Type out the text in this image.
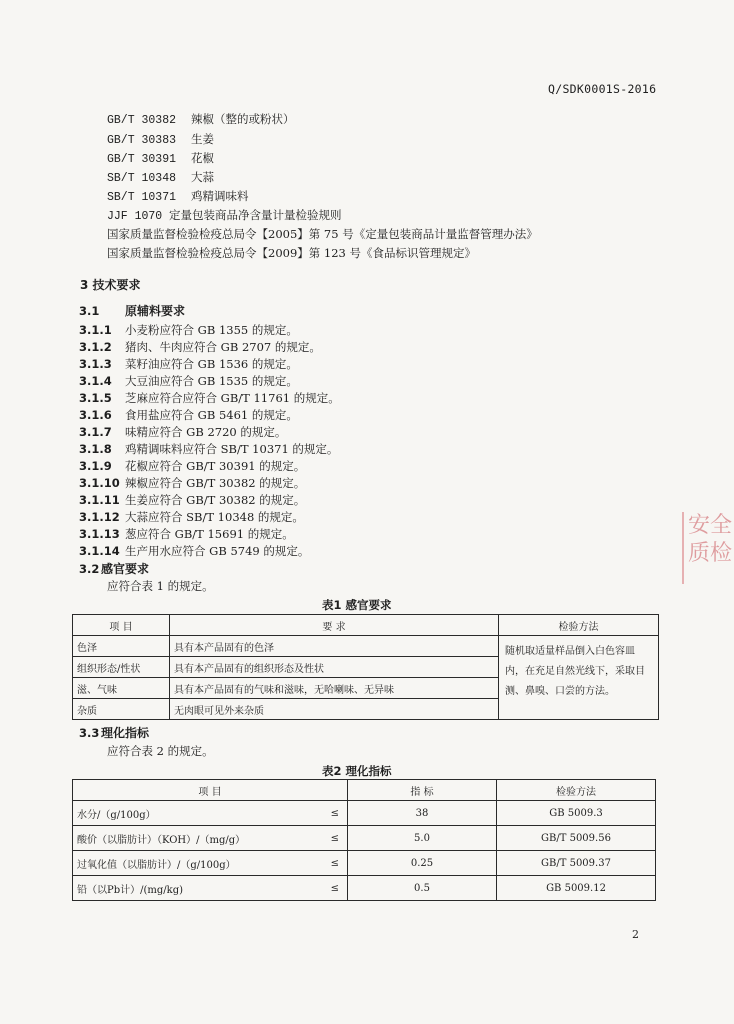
Q/SDK0001S-2016
GB/T 30382 辣椒（整的或粉状）
GB/T 30383 生姜
GB/T 30391 花椒
SB/T 10348 大蒜
SB/T 10371 鸡精调味料
JJF 1070 定量包装商品净含量计量检验规则
国家质量监督检验检疫总局令【2005】第 75 号《定量包装商品计量监督管理办法》
国家质量监督检验检疫总局令【2009】第 123 号《食品标识管理规定》
3 技术要求
3.1 原辅料要求
3.1.1 小麦粉应符合 GB 1355 的规定。
3.1.2 猪肉、牛肉应符合 GB 2707 的规定。
3.1.3 菜籽油应符合 GB 1536 的规定。
3.1.4 大豆油应符合 GB 1535 的规定。
3.1.5 芝麻应符合应符合 GB/T 11761 的规定。
3.1.6 食用盐应符合 GB 5461 的规定。
3.1.7 味精应符合 GB 2720 的规定。
3.1.8 鸡精调味料应符合 SB/T 10371 的规定。
3.1.9 花椒应符合 GB/T 30391 的规定。
3.1.10 辣椒应符合 GB/T 30382 的规定。
3.1.11 生姜应符合 GB/T 30382 的规定。
3.1.12 大蒜应符合 SB/T 10348 的规定。
3.1.13 葱应符合 GB/T 15691 的规定。
3.1.14 生产用水应符合 GB 5749 的规定。
3.2 感官要求
应符合表 1 的规定。
表1 感官要求
项 目	要 求	检验方法
色泽	具有本产品固有的色泽	随机取适量样品倒入白色容皿内，在充足自然光线下，采取目测、鼻嗅、口尝的方法。
组织形态/性状	具有本产品固有的组织形态及性状	
滋、气味	具有本产品固有的气味和滋味，无哈喇味、无异味	
杂质	无肉眼可见外来杂质	
3.3 理化指标
应符合表 2 的规定。
表2 理化指标
项 目		指 标	检验方法
水分/（g/100g）	≤	38	GB 5009.3
酸价（以脂肪计）（KOH）/（mg/g）	≤	5.0	GB/T 5009.56
过氧化值（以脂肪计）/（g/100g）	≤	0.25	GB/T 5009.37
铅（以Pb计）/(mg/kg)	≤	0.5	GB 5009.12
2
安全 质检
